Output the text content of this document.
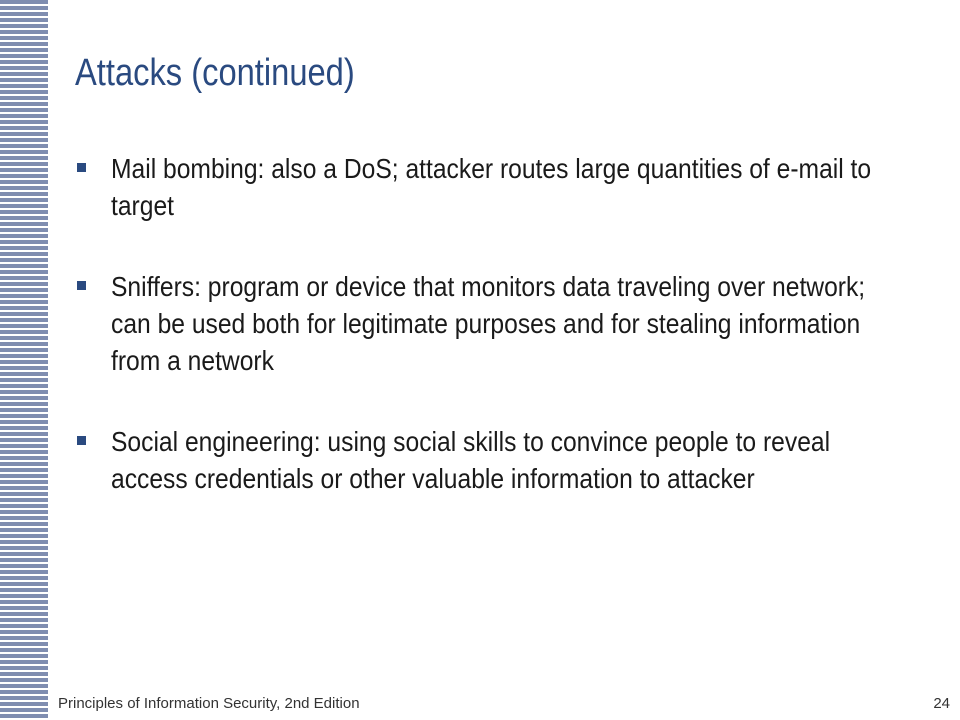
Attacks (continued)
Mail bombing: also a DoS; attacker routes large quantities of e-mail to target
Sniffers: program or device that monitors data traveling over network; can be used both for legitimate purposes and for stealing information from a network
Social engineering: using social skills to convince people to reveal access credentials or other valuable information to attacker
Principles of Information Security, 2nd Edition	24
